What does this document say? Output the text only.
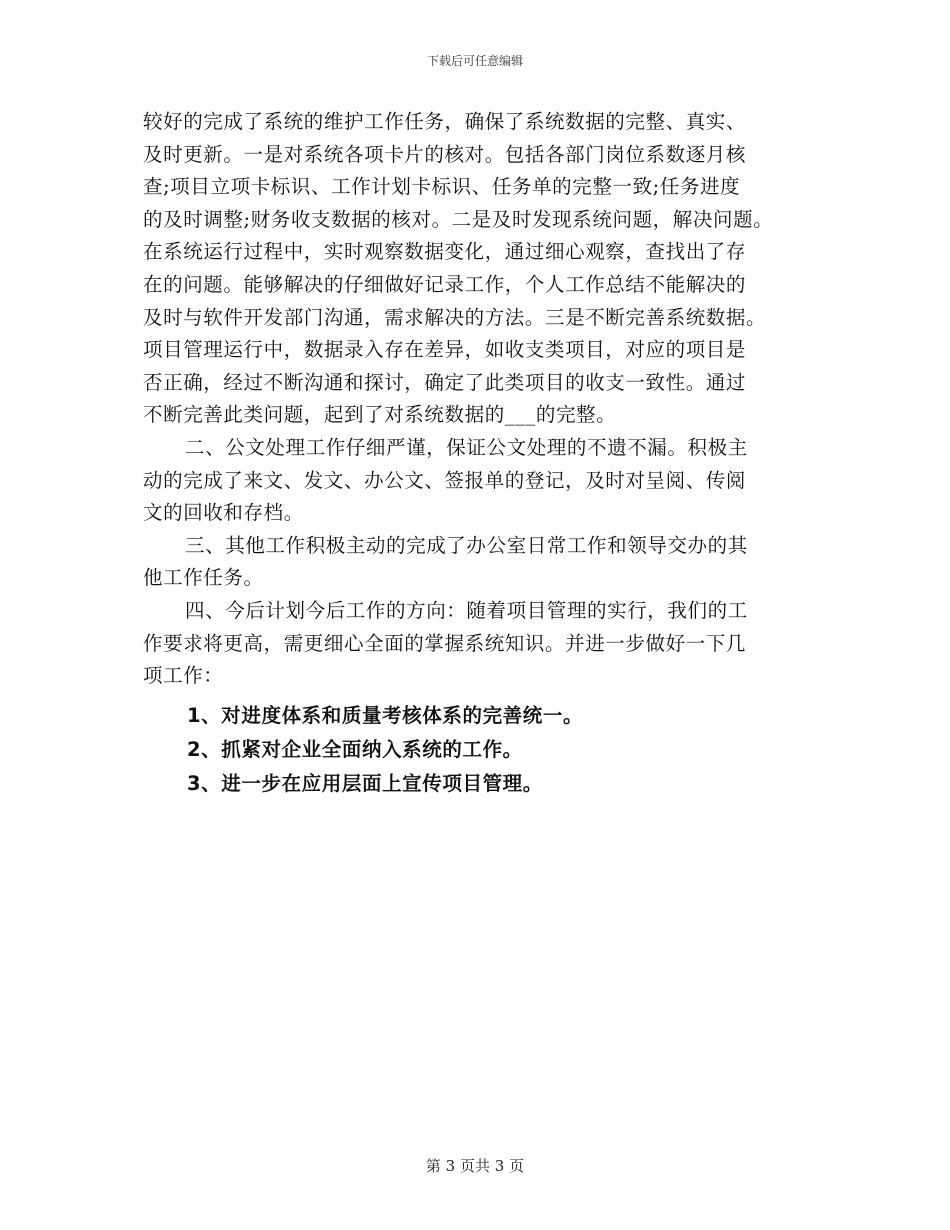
下载后可任意编辑
较好的完成了系统的维护工作任务，确保了系统数据的完整、真实、
及时更新。一是对系统各项卡片的核对。包括各部门岗位系数逐月核
查;项目立项卡标识、工作计划卡标识、任务单的完整一致;任务进度
的及时调整;财务收支数据的核对。二是及时发现系统问题，解决问题。
在系统运行过程中，实时观察数据变化，通过细心观察，查找出了存
在的问题。能够解决的仔细做好记录工作，个人工作总结不能解决的
及时与软件开发部门沟通，需求解决的方法。三是不断完善系统数据。
项目管理运行中，数据录入存在差异，如收支类项目，对应的项目是
否正确，经过不断沟通和探讨，确定了此类项目的收支一致性。通过
不断完善此类问题，起到了对系统数据的___的完整。
二、公文处理工作仔细严谨，保证公文处理的不遗不漏。积极主
动的完成了来文、发文、办公文、签报单的登记，及时对呈阅、传阅
文的回收和存档。
三、其他工作积极主动的完成了办公室日常工作和领导交办的其
他工作任务。
四、今后计划今后工作的方向：随着项目管理的实行，我们的工
作要求将更高，需更细心全面的掌握系统知识。并进一步做好一下几
项工作：
1、对进度体系和质量考核体系的完善统一。
2、抓紧对企业全面纳入系统的工作。
3、进一步在应用层面上宣传项目管理。
第 3 页共 3 页
